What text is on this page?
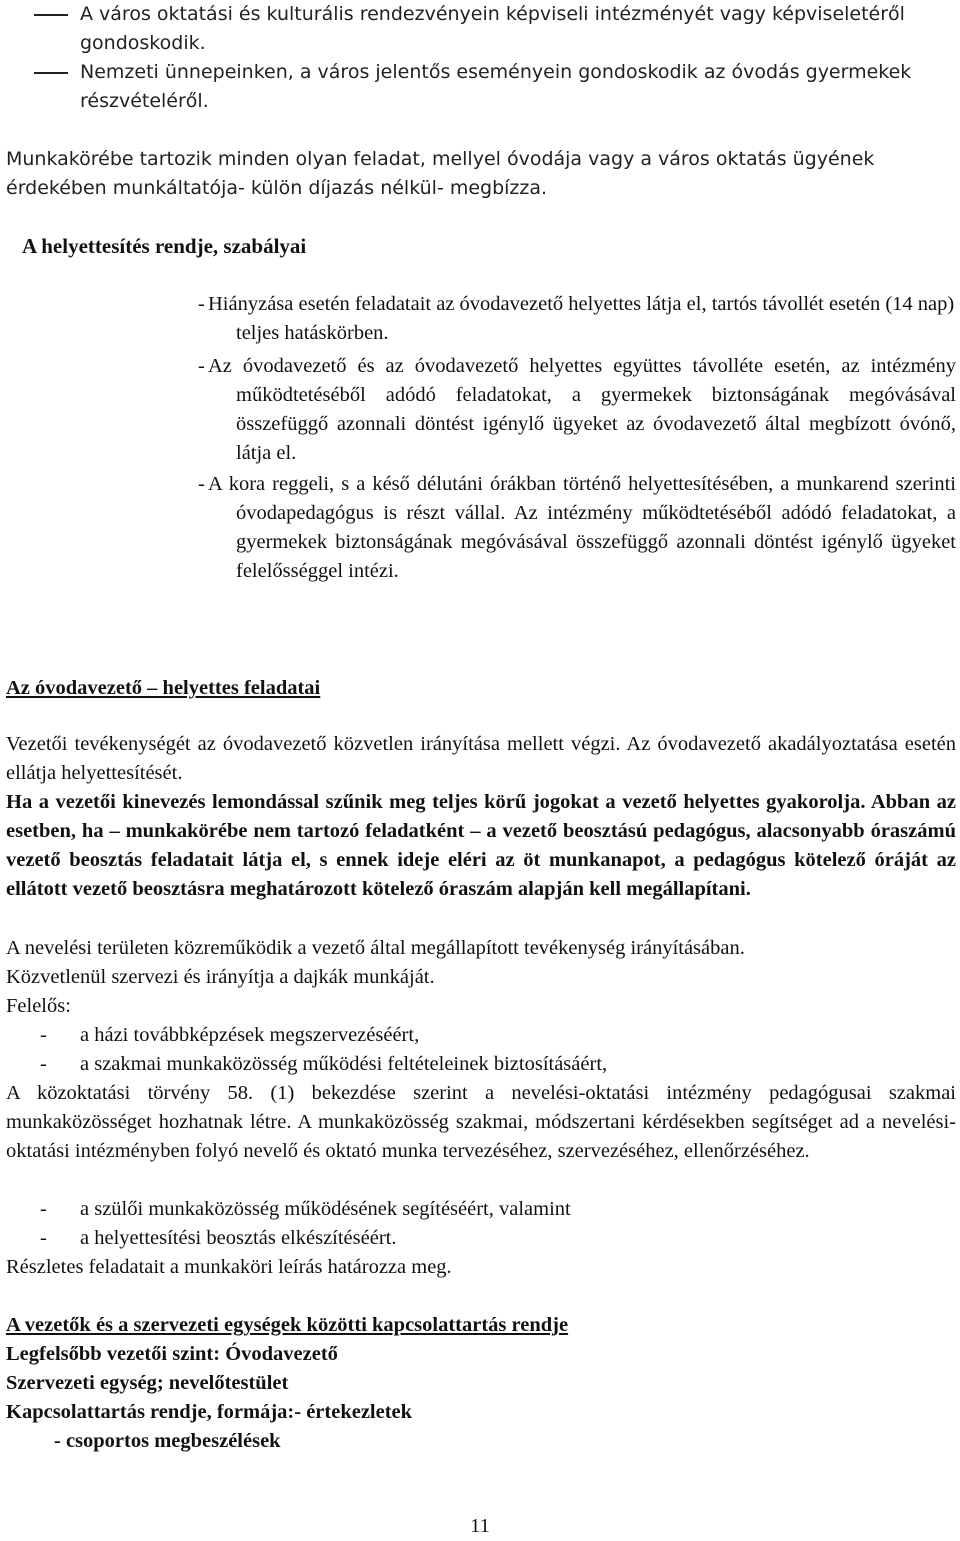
A város oktatási és kulturális rendezvényein képviseli intézményét vagy képviseletéről gondoskodik.
Nemzeti ünnepeinken, a város jelentős eseményein gondoskodik az óvodás gyermekek részvételéről.

Munkakörébe tartozik minden olyan feladat, mellyel óvodája vagy a város oktatás ügyének érdekében munkáltatója- külön díjazás nélkül- megbízza.

A helyettesítés rendje, szabályai
- Hiányzása esetén feladatait az óvodavezető helyettes látja el, tartós távollét esetén (14 nap) teljes hatáskörben.
- Az óvodavezető és az óvodavezető helyettes együttes távolléte esetén, az intézmény működtetéséből adódó feladatokat, a gyermekek biztonságának megóvásával összefüggő azonnali döntést igénylő ügyeket az óvodavezető által megbízott óvónő, látja el.
- A kora reggeli, s a késő délutáni órákban történő helyettesítésében, a munkarend szerinti óvodapedagógus is részt vállal. Az intézmény működtetéséből adódó feladatokat, a gyermekek biztonságának megóvásával összefüggő azonnali döntést igénylő ügyeket felelősséggel intézi.
Az óvodavezető – helyettes feladatai

Vezetői tevékenységét az óvodavezető közvetlen irányítása mellett végzi. Az óvodavezető akadályoztatása esetén ellátja helyettesítését.

Ha a vezetői kinevezés lemondással szűnik meg teljes körű jogokat a vezető helyettes gyakorolja. Abban az esetben, ha – munkakörébe nem tartozó feladatként – a vezető beosztású pedagógus, alacsonyabb óraszámú vezető beosztás feladatait látja el, s ennek ideje eléri az öt munkanapot, a pedagógus kötelező óráját az ellátott vezető beosztásra meghatározott kötelező óraszám alapján kell megállapítani.

A nevelési területen közreműködik a vezető által megállapított tevékenység irányításában.

Közvetlenül szervezi és irányítja a dajkák munkáját.

Felelős:

- a házi továbbképzések megszervezéséért,
- a szakmai munkaközösség működési feltételeinek biztosításáért,

A közoktatási törvény 58. (1) bekezdése szerint a nevelési-oktatási intézmény pedagógusai szakmai munkaközösséget hozhatnak létre. A munkaközösség szakmai, módszertani kérdésekben segítséget ad a nevelési-oktatási intézményben folyó nevelő és oktató munka tervezéséhez, szervezéséhez, ellenőrzéséhez.

- a szülői munkaközösség működésének segítéséért, valamint
- a helyettesítési beosztás elkészítéséért.

Részletes feladatait a munkaköri leírás határozza meg.

A vezetők és a szervezeti egységek közötti kapcsolattartás rendje
Legfelsőbb vezetői szint: Óvodavezető
Szervezeti egység; nevelőtestület
Kapcsolattartás rendje, formája:- értekezletek
- csoportos megbeszélések
11
